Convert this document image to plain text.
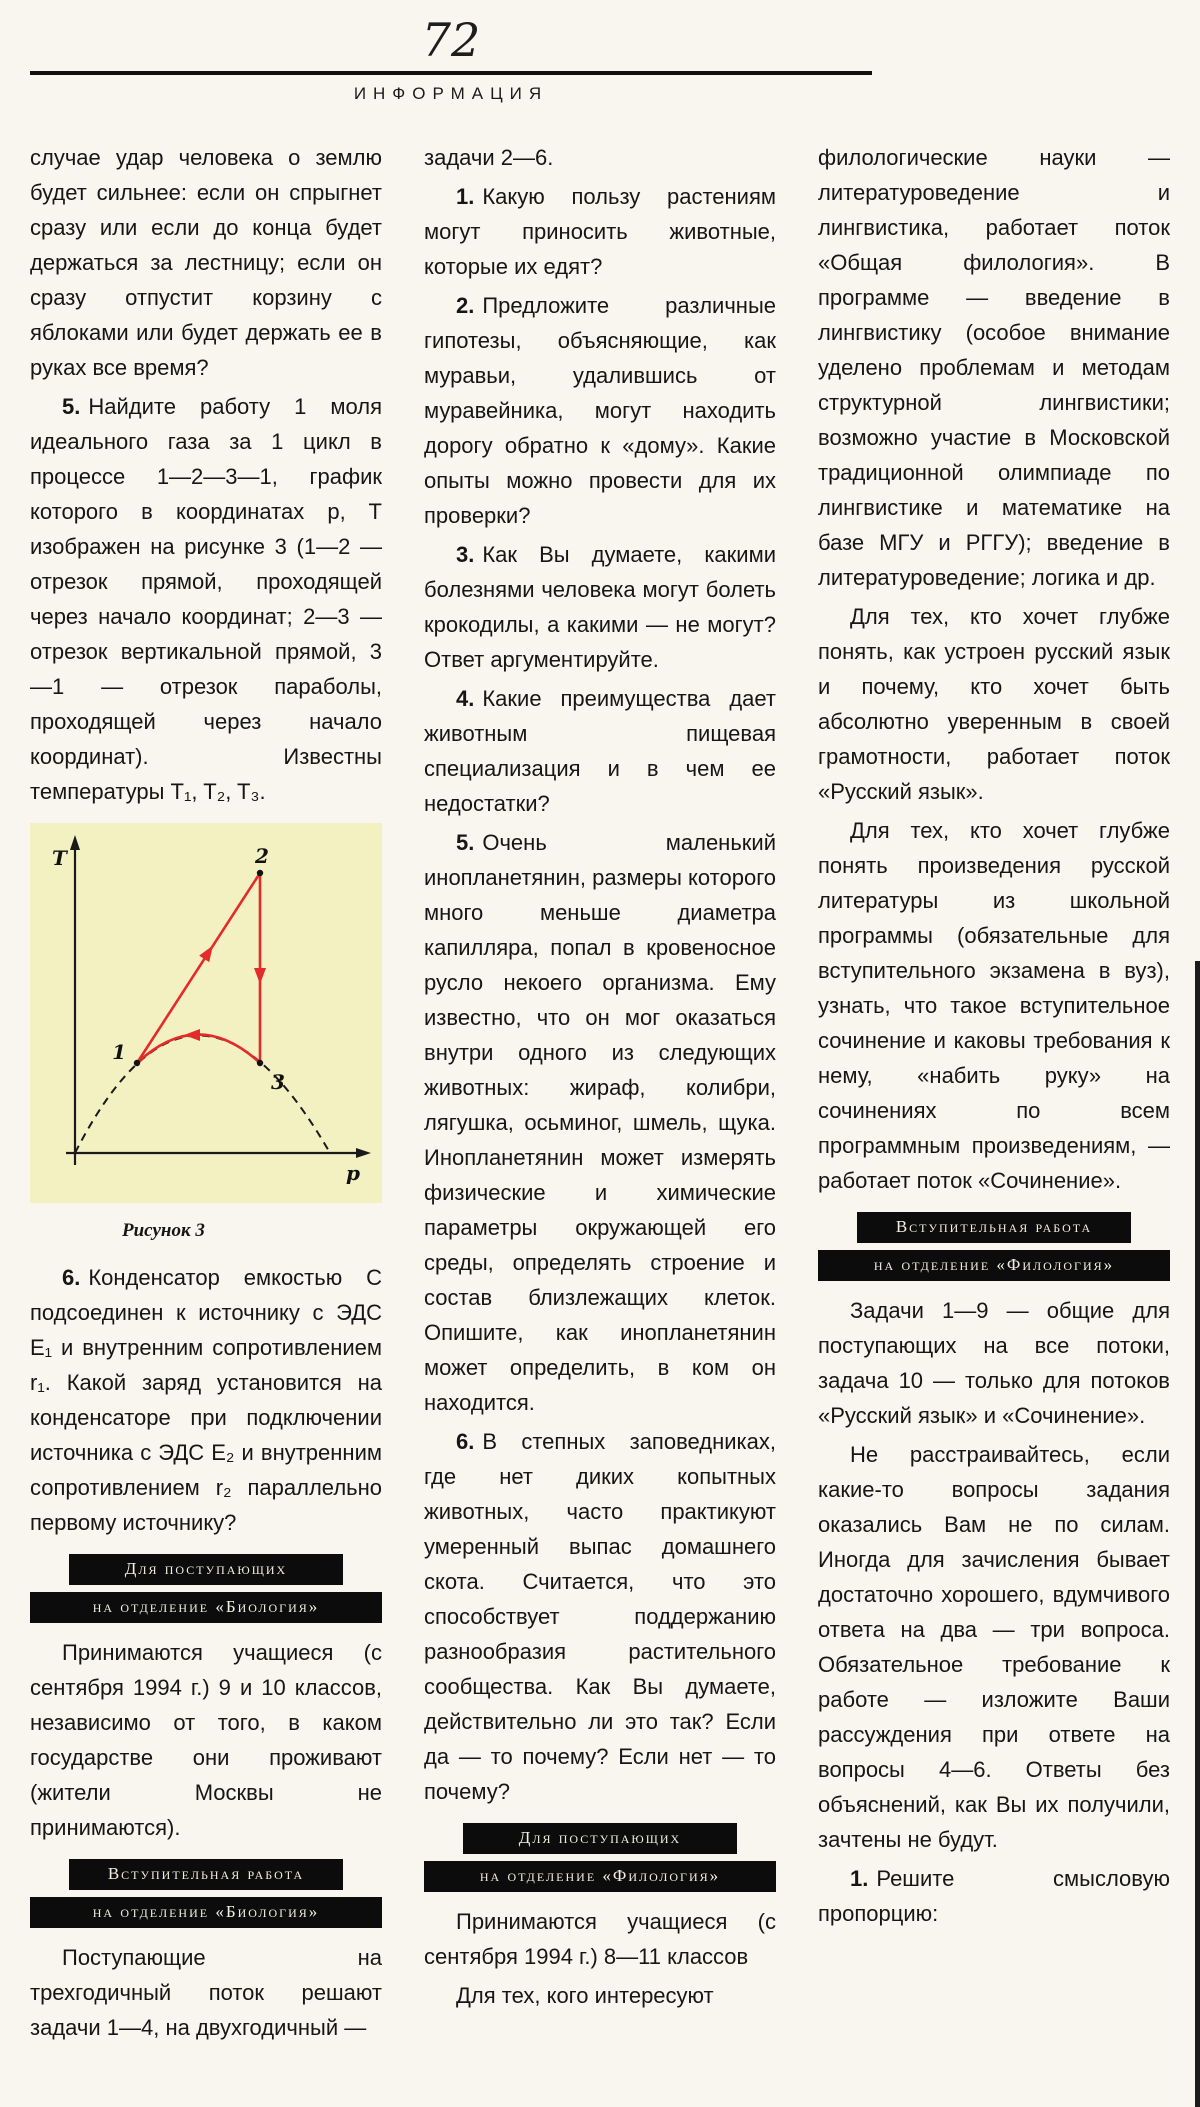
72
ИНФОРМАЦИЯ

случае удар человека о землю будет сильнее: если он спрыгнет сразу или если до конца будет держаться за лестницу; если он сразу отпустит корзину с яблоками или будет держать ее в руках все время?

5. Найдите работу 1 моля идеального газа за 1 цикл в процессе 1—2—3—1, график которого в координатах p, T изображен на рисунке 3 (1—2 — отрезок прямой, проходящей через начало координат; 2—3 — отрезок вертикальной прямой, 3—1 — отрезок параболы, проходящей через начало координат). Известны температуры T₁, T₂, T₃.

T
p
1
2
3
Рисунок 3

6. Конденсатор емкостью C подсоединен к источнику с ЭДС E₁ и внутренним сопротивлением r₁. Какой заряд установится на конденсаторе при подключении источника с ЭДС E₂ и внутренним сопротивлением r₂ параллельно первому источнику?

Для поступающих
на отделение «Биология»

Принимаются учащиеся (с сентября 1994 г.) 9 и 10 классов, независимо от того, в каком государстве они проживают (жители Москвы не принимаются).

Вступительная работа
на отделение «Биология»

Поступающие на трехгодичный поток решают задачи 1—4, на двухгодичный —

задачи 2—6.

1. Какую пользу растениям могут приносить животные, которые их едят?

2. Предложите различные гипотезы, объясняющие, как муравьи, удалившись от муравейника, могут находить дорогу обратно к «дому». Какие опыты можно провести для их проверки?

3. Как Вы думаете, какими болезнями человека могут болеть крокодилы, а какими — не могут? Ответ аргументируйте.

4. Какие преимущества дает животным пищевая специализация и в чем ее недостатки?

5. Очень маленький инопланетянин, размеры которого много меньше диаметра капилляра, попал в кровеносное русло некоего организма. Ему известно, что он мог оказаться внутри одного из следующих животных: жираф, колибри, лягушка, осьминог, шмель, щука. Инопланетянин может измерять физические и химические параметры окружающей его среды, определять строение и состав близлежащих клеток. Опишите, как инопланетянин может определить, в ком он находится.

6. В степных заповедниках, где нет диких копытных животных, часто практикуют умеренный выпас домашнего скота. Считается, что это способствует поддержанию разнообразия растительного сообщества. Как Вы думаете, действительно ли это так? Если да — то почему? Если нет — то почему?

Для поступающих
на отделение «Филология»

Принимаются учащиеся (с сентября 1994 г.) 8—11 классов

Для тех, кого интересуют

филологические науки — литературоведение и лингвистика, работает поток «Общая филология». В программе — введение в лингвистику (особое внимание уделено проблемам и методам структурной лингвистики; возможно участие в Московской традиционной олимпиаде по лингвистике и математике на базе МГУ и РГГУ); введение в литературоведение; логика и др.

Для тех, кто хочет глубже понять, как устроен русский язык и почему, кто хочет быть абсолютно уверенным в своей грамотности, работает поток «Русский язык».

Для тех, кто хочет глубже понять произведения русской литературы из школьной программы (обязательные для вступительного экзамена в вуз), узнать, что такое вступительное сочинение и каковы требования к нему, «набить руку» на сочинениях по всем программным произведениям, — работает поток «Сочинение».

Вступительная работа
на отделение «Филология»

Задачи 1—9 — общие для поступающих на все потоки, задача 10 — только для потоков «Русский язык» и «Сочинение».

Не расстраивайтесь, если какие-то вопросы задания оказались Вам не по силам. Иногда для зачисления бывает достаточно хорошего, вдумчивого ответа на два — три вопроса. Обязательное требование к работе — изложите Ваши рассуждения при ответе на вопросы 4—6. Ответы без объяснений, как Вы их получили, зачтены не будут.

1. Решите смысловую пропорцию:
